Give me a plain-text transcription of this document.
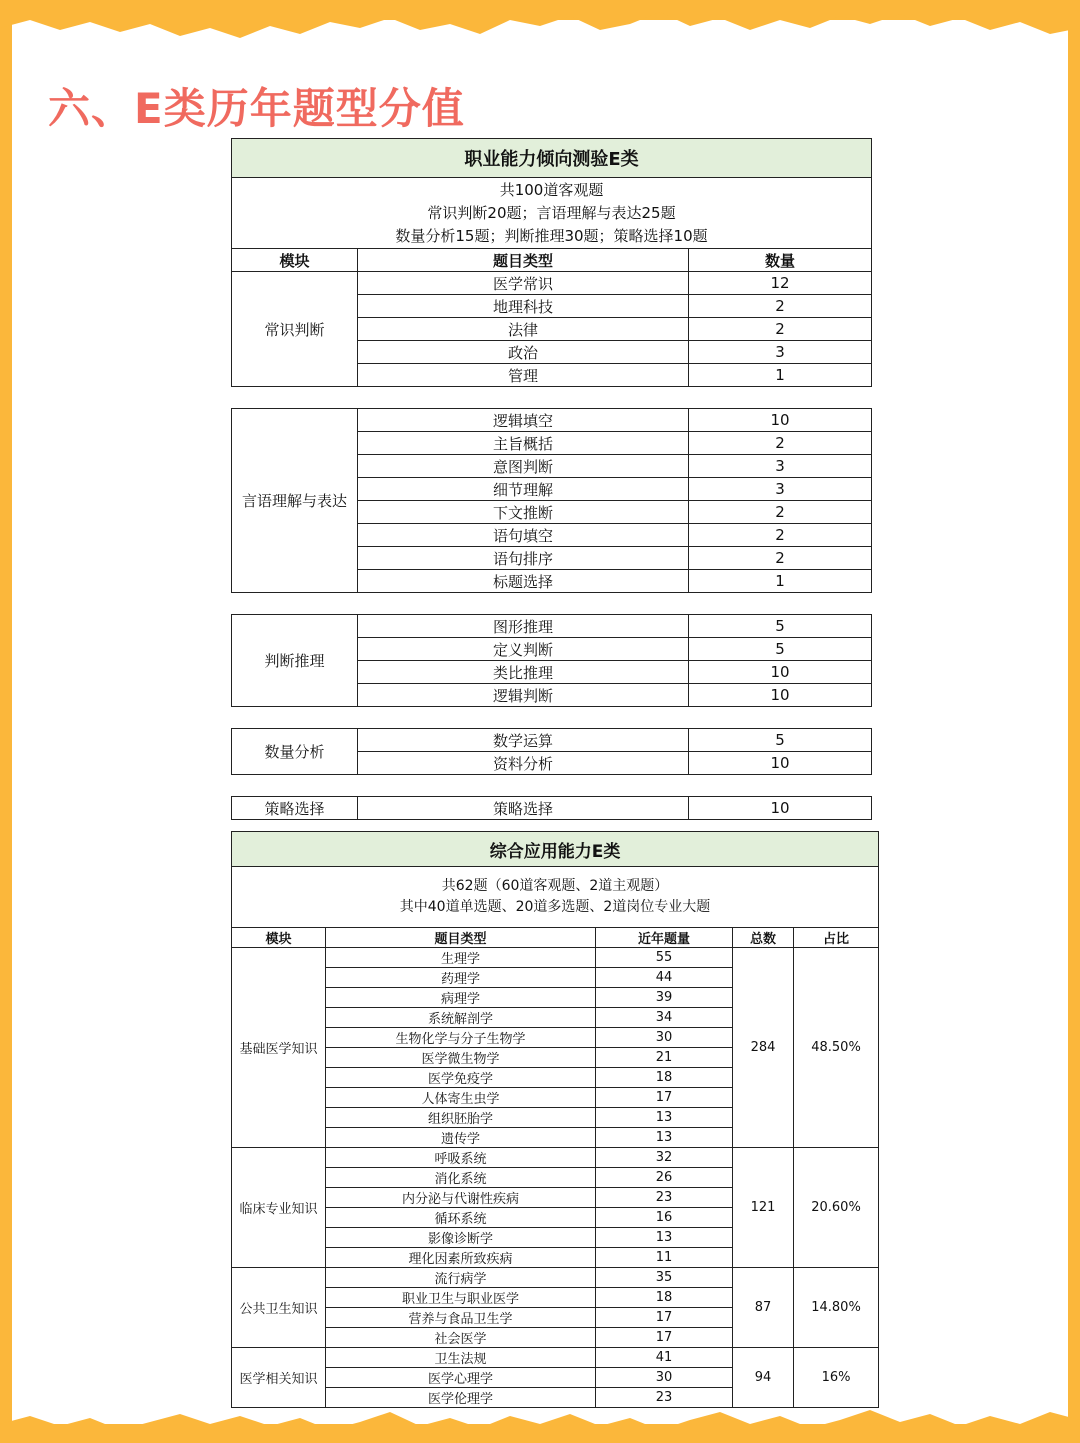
六、E类历年题型分值
职业能力倾向测验E类		

共100道客观题
常识判断20题；言语理解与表达25题
数量分析15题；判断推理30题；策略选择10题		

模块	题目类型	数量
常识判断	医学常识	12
	地理科技	2
	法律	2
	政治	3
	管理	1

言语理解与表达	逻辑填空	10
	主旨概括	2
	意图判断	3
	细节理解	3
	下文推断	2
	语句填空	2
	语句排序	2
	标题选择	1

判断推理	图形推理	5
	定义判断	5
	类比推理	10
	逻辑判断	10

数量分析	数学运算	5
	资料分析	10

策略选择	策略选择	10
综合应用能力E类				

共62题（60道客观题、2道主观题）
其中40道单选题、20道多选题、2道岗位专业大题				

模块	题目类型	近年题量	总数	占比
基础医学知识	生理学	55	284	48.50%
	药理学	44		
	病理学	39		
	系统解剖学	34		
	生物化学与分子生物学	30		
	医学微生物学	21		
	医学免疫学	18		
	人体寄生虫学	17		
	组织胚胎学	13		
	遗传学	13		
临床专业知识	呼吸系统	32	121	20.60%
	消化系统	26		
	内分泌与代谢性疾病	23		
	循环系统	16		
	影像诊断学	13		
	理化因素所致疾病	11		
公共卫生知识	流行病学	35	87	14.80%
	职业卫生与职业医学	18		
	营养与食品卫生学	17		
	社会医学	17		
医学相关知识	卫生法规	41	94	16%
	医学心理学	30		
	医学伦理学	23		
